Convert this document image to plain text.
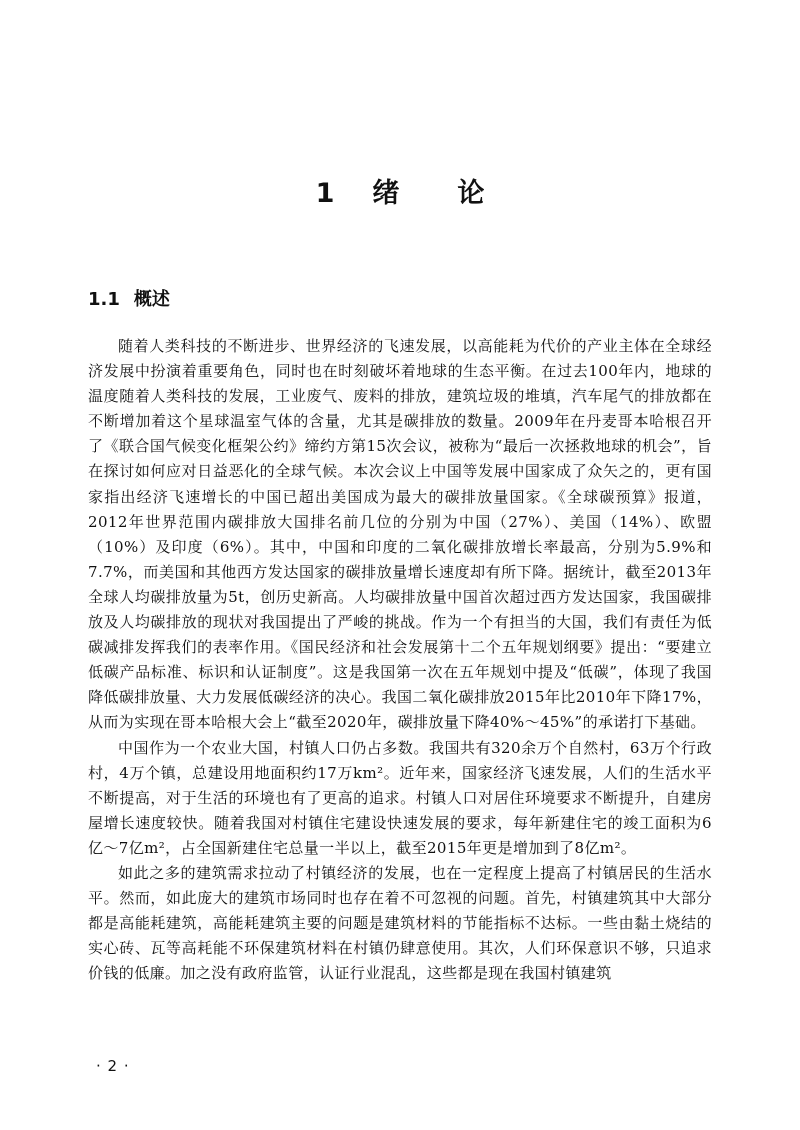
1 绪 论
1.1 概述

随着人类科技的不断进步、世界经济的飞速发展，以高能耗为代价的产业主体在全球经济发展中扮演着重要角色，同时也在时刻破坏着地球的生态平衡。在过去100年内，地球的温度随着人类科技的发展，工业废气、废料的排放，建筑垃圾的堆填，汽车尾气的排放都在不断增加着这个星球温室气体的含量，尤其是碳排放的数量。2009年在丹麦哥本哈根召开了《联合国气候变化框架公约》缔约方第15次会议，被称为“最后一次拯救地球的机会”，旨在探讨如何应对日益恶化的全球气候。本次会议上中国等发展中国家成了众矢之的，更有国家指出经济飞速增长的中国已超出美国成为最大的碳排放量国家。《全球碳预算》报道，2012年世界范围内碳排放大国排名前几位的分别为中国（27%）、美国（14%）、欧盟（10%）及印度（6%）。其中，中国和印度的二氧化碳排放增长率最高，分别为5.9%和7.7%，而美国和其他西方发达国家的碳排放量增长速度却有所下降。据统计，截至2013年全球人均碳排放量为5t，创历史新高。人均碳排放量中国首次超过西方发达国家，我国碳排放及人均碳排放的现状对我国提出了严峻的挑战。作为一个有担当的大国，我们有责任为低碳减排发挥我们的表率作用。《国民经济和社会发展第十二个五年规划纲要》提出：“要建立低碳产品标准、标识和认证制度”。这是我国第一次在五年规划中提及“低碳”，体现了我国降低碳排放量、大力发展低碳经济的决心。我国二氧化碳排放2015年比2010年下降17%，从而为实现在哥本哈根大会上“截至2020年，碳排放量下降40%～45%”的承诺打下基础。

中国作为一个农业大国，村镇人口仍占多数。我国共有320余万个自然村，63万个行政村，4万个镇，总建设用地面积约17万km²。近年来，国家经济飞速发展，人们的生活水平不断提高，对于生活的环境也有了更高的追求。村镇人口对居住环境要求不断提升，自建房屋增长速度较快。随着我国对村镇住宅建设快速发展的要求，每年新建住宅的竣工面积为6亿～7亿m²，占全国新建住宅总量一半以上，截至2015年更是增加到了8亿m²。

如此之多的建筑需求拉动了村镇经济的发展，也在一定程度上提高了村镇居民的生活水平。然而，如此庞大的建筑市场同时也存在着不可忽视的问题。首先，村镇建筑其中大部分都是高能耗建筑，高能耗建筑主要的问题是建筑材料的节能指标不达标。一些由黏土烧结的实心砖、瓦等高耗能不环保建筑材料在村镇仍肆意使用。其次，人们环保意识不够，只追求价钱的低廉。加之没有政府监管，认证行业混乱，这些都是现在我国村镇建筑

· 2 ·
